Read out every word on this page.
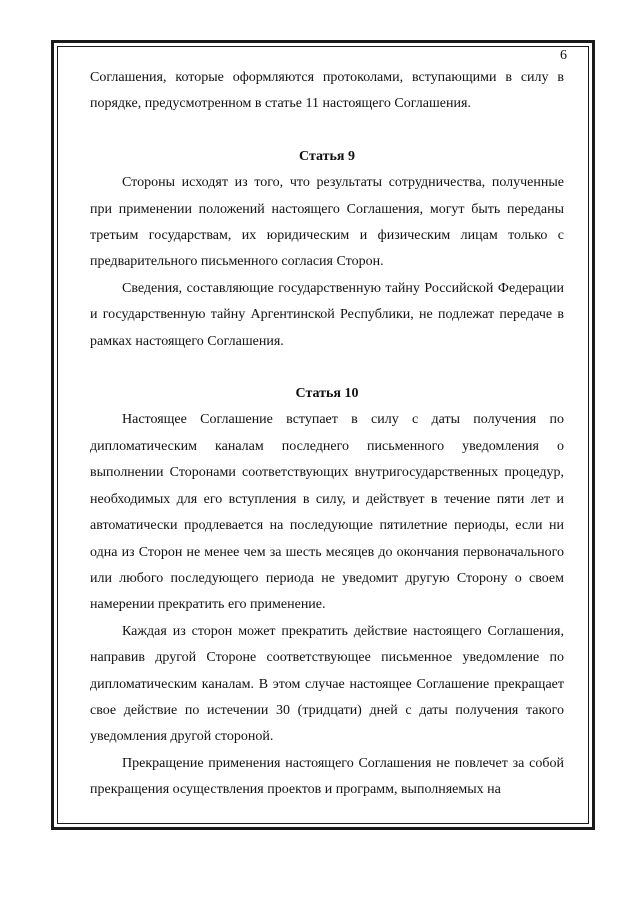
6

Соглашения, которые оформляются протоколами, вступающими в силу в порядке, предусмотренном в статье 11 настоящего Соглашения.

Статья 9

Стороны исходят из того, что результаты сотрудничества, полученные при применении положений настоящего Соглашения, могут быть переданы третьим государствам, их юридическим и физическим лицам только с предварительного письменного согласия Сторон.

Сведения, составляющие государственную тайну Российской Федерации и государственную тайну Аргентинской Республики, не подлежат передаче в рамках настоящего Соглашения.

Статья 10

Настоящее Соглашение вступает в силу с даты получения по дипломатическим каналам последнего письменного уведомления о выполнении Сторонами соответствующих внутригосударственных процедур, необходимых для его вступления в силу, и действует в течение пяти лет и автоматически продлевается на последующие пятилетние периоды, если ни одна из Сторон не менее чем за шесть месяцев до окончания первоначального или любого последующего периода не уведомит другую Сторону о своем намерении прекратить его применение.

Каждая из сторон может прекратить действие настоящего Соглашения, направив другой Стороне соответствующее письменное уведомление по дипломатическим каналам. В этом случае настоящее Соглашение прекращает свое действие по истечении 30 (тридцати) дней с даты получения такого уведомления другой стороной.

Прекращение применения настоящего Соглашения не повлечет за собой прекращения осуществления проектов и программ, выполняемых на
